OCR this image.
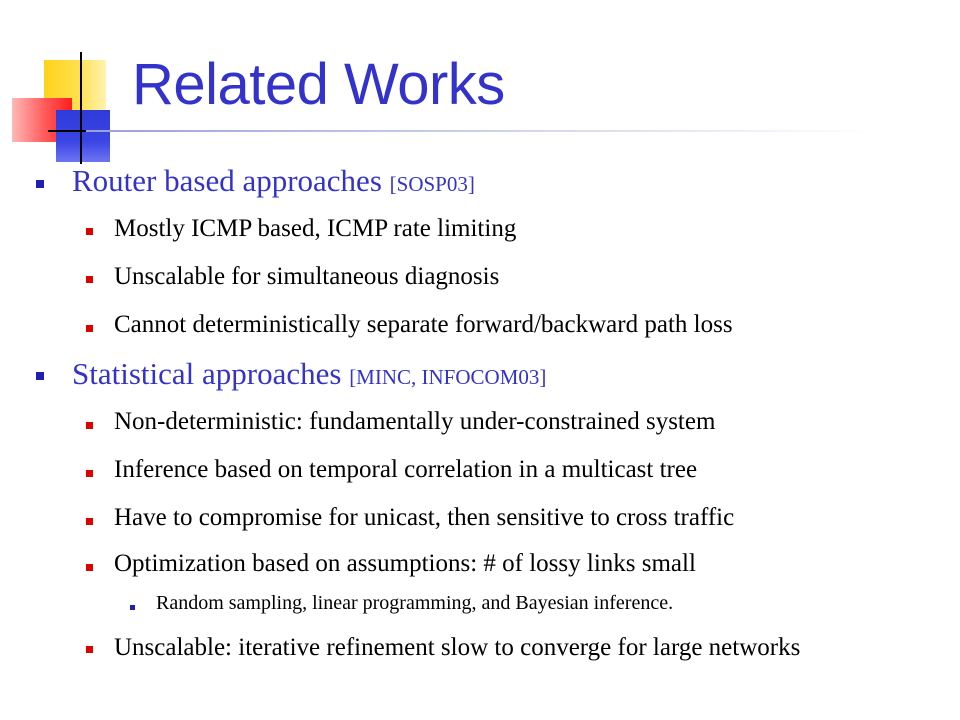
Related Works
Router based approaches [SOSP03]
Mostly ICMP based, ICMP rate limiting
Unscalable for simultaneous diagnosis
Cannot deterministically separate forward/backward path loss
Statistical approaches [MINC, INFOCOM03]
Non-deterministic: fundamentally under-constrained system
Inference based on temporal correlation in a multicast tree
Have to compromise for unicast, then sensitive to cross traffic
Optimization based on assumptions: # of lossy links small
Random sampling, linear programming, and Bayesian inference.
Unscalable: iterative refinement slow to converge for large networks
